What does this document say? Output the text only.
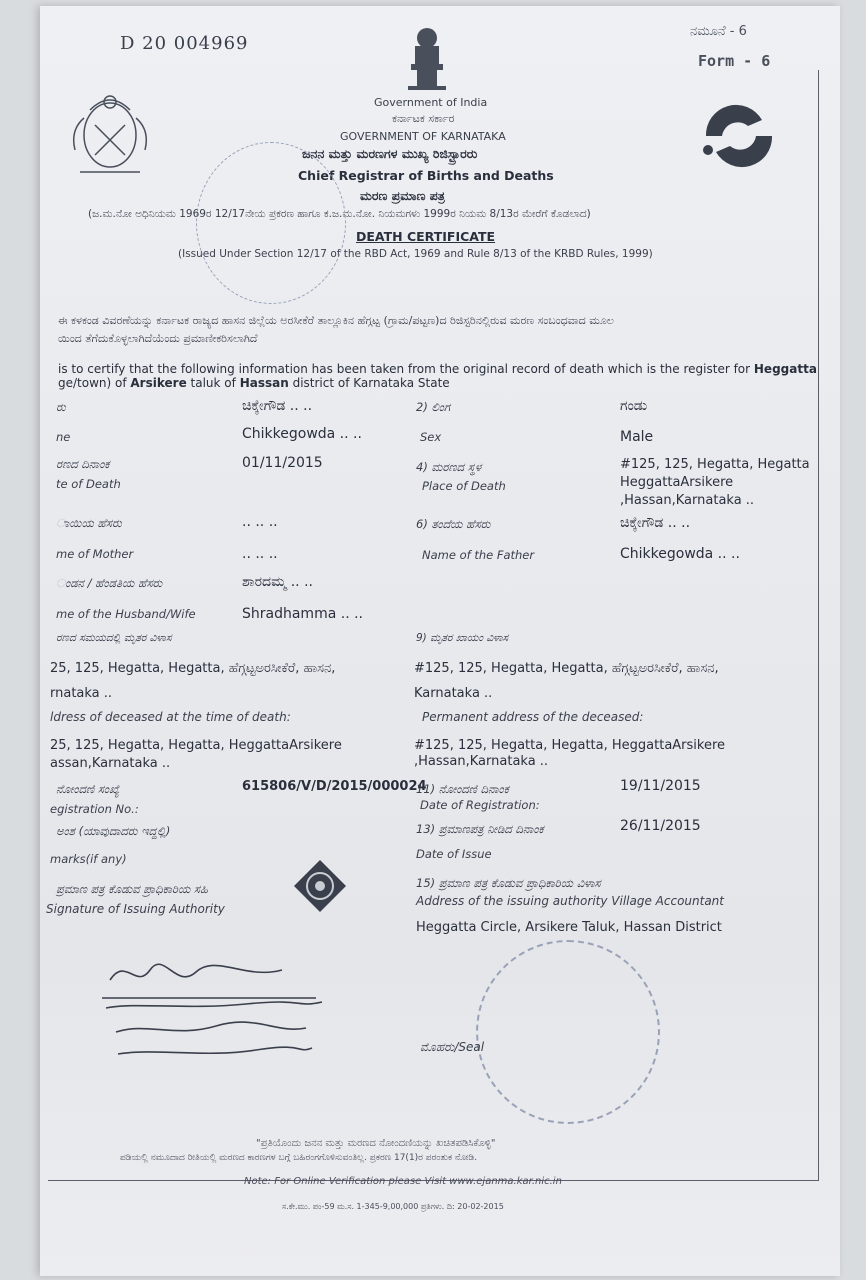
D 20 004969
ನಮೂನೆ - 6
Form - 6
Government of India
ಕರ್ನಾಟಕ ಸರ್ಕಾರ
GOVERNMENT OF KARNATAKA
ಜನನ ಮತ್ತು ಮರಣಗಳ ಮುಖ್ಯ ರಿಜಿಸ್ಟ್ರಾರರು
Chief Registrar of Births and Deaths
ಮರಣ ಪ್ರಮಾಣ ಪತ್ರ
(ಜ.ಮ.ನೋ ಅಧಿನಿಯಮ 1969ರ 12/17ನೇಯ ಪ್ರಕರಣ ಹಾಗೂ ಕ.ಜ.ಮ.ನೋ. ನಿಯಮಗಳು 1999ರ ನಿಯಮ 8/13ರ ಮೇರೆಗೆ ಕೊಡಲಾದ)
DEATH CERTIFICATE
(Issued Under Section 12/17 of the RBD Act, 1969 and Rule 8/13 of the KRBD Rules, 1999)
ಈ ಕಳಕಂಡ ವಿವರಣೆಯನ್ನು ಕರ್ನಾಟಕ ರಾಜ್ಯದ ಹಾಸನ ಜಿಲ್ಲೆಯ ಅರಸೀಕೆರೆ ತಾಲ್ಲೂಕಿನ ಹೆಗ್ಗಟ್ಟ (ಗ್ರಾಮ/ಪಟ್ಟಣ)ದ ರಿಜಿಸ್ಟರಿನಲ್ಲಿರುವ ಮರಣ ಸಂಬಂಧವಾದ ಮೂಲ
ಯಿಂದ ತೆಗೆದುಕೊಳ್ಳಲಾಗಿದೆಯೆಂದು ಪ್ರಮಾಣೀಕರಿಸಲಾಗಿದೆ
is to certify that the following information has been taken from the original record of death which is the register for Heggatta
ge/town) of Arsikere taluk of Hassan district of Karnataka State
ರು	ಚಿಕ್ಕೇಗೌಡ .. ..	2) ಲಿಂಗ	ಗಂಡು
ne	Chikkegowda .. ..	Sex	Male
ರಣದ ದಿನಾಂಕ	01/11/2015	4) ಮರಣದ ಸ್ಥಳ	#125, 125, Hegatta, Hegatta
te of Death	Place of Death	HeggattaArsikere
,Hassan,Karnataka ..
ಾಯಿಯ ಹೆಸರು	.. .. ..	6) ತಂದೆಯ ಹೆಸರು	ಚಿಕ್ಕೇಗೌಡ .. ..
me of Mother	.. .. ..	Name of the Father	Chikkegowda .. ..
ಂಡನ / ಹೆಂಡತಿಯ ಹೆಸರು	ಶಾರದಮ್ಮ .. ..
me of the Husband/Wife	Shradhamma .. ..
ರಣದ ಸಮಯದಲ್ಲಿ ಮೃತರ ವಿಳಾಸ	9) ಮೃತರ ಖಾಯಂ ವಿಳಾಸ
25, 125, Hegatta, Hegatta, ಹೆಗ್ಗಟ್ಟಅರಸೀಕೆರೆ, ಹಾಸನ,	#125, 125, Hegatta, Hegatta, ಹೆಗ್ಗಟ್ಟಅರಸೀಕೆರೆ, ಹಾಸನ,
rnataka ..	Karnataka ..
ldress of deceased at the time of death:	Permanent address of the deceased:
25, 125, Hegatta, Hegatta, HeggattaArsikere	#125, 125, Hegatta, Hegatta, HeggattaArsikere
assan,Karnataka ..	,Hassan,Karnataka ..
ನೋಂದಣಿ ಸಂಖ್ಯೆ	615806/V/D/2015/000024
11) ನೋಂದಣಿ ದಿನಾಂಕ	19/11/2015
egistration No.:	Date of Registration:
ಅಂಶ (ಯಾವುದಾದರು ಇದ್ದಲ್ಲಿ)	13) ಪ್ರಮಾಣಪತ್ರ ನೀಡಿದ ದಿನಾಂಕ	26/11/2015
marks(if any)	Date of Issue
ಪ್ರಮಾಣ ಪತ್ರ ಕೊಡುವ ಪ್ರಾಧಿಕಾರಿಯ ಸಹಿ
Signature of Issuing Authority
15) ಪ್ರಮಾಣ ಪತ್ರ ಕೊಡುವ ಪ್ರಾಧಿಕಾರಿಯ ವಿಳಾಸ
Address of the issuing authority Village Accountant
Heggatta Circle, Arsikere Taluk, Hassan District
ಮೊಹರು/Seal
"ಪ್ರತಿಯೊಂದು ಜನನ ಮತ್ತು ಮರಣದ ನೋಂದಣಿಯನ್ನು ಖಚಿತಪಡಿಸಿಕೊಳ್ಳಿ"
ಪಡಿಯಲ್ಲಿ ನಮೂದಾದ ರೀತಿಯಲ್ಲಿ ಮರಣದ ಕಾರಣಗಳ ಬಗ್ಗೆ ಬಹಿರಂಗಗೊಳಿಸುವಂತಿಲ್ಲ. ಪ್ರಕರಣ 17(1)ರ ಪರಂತುಕ ನೋಡಿ.
Note: For Online Verification please Visit www.ejanma.kar.nic.in
ಸ.ಕೇ.ಮು. ಪಂ-59 ಮ.ಸ. 1-345-9,00,000 ಪ್ರತಿಗಳು. ದಿ: 20-02-2015
